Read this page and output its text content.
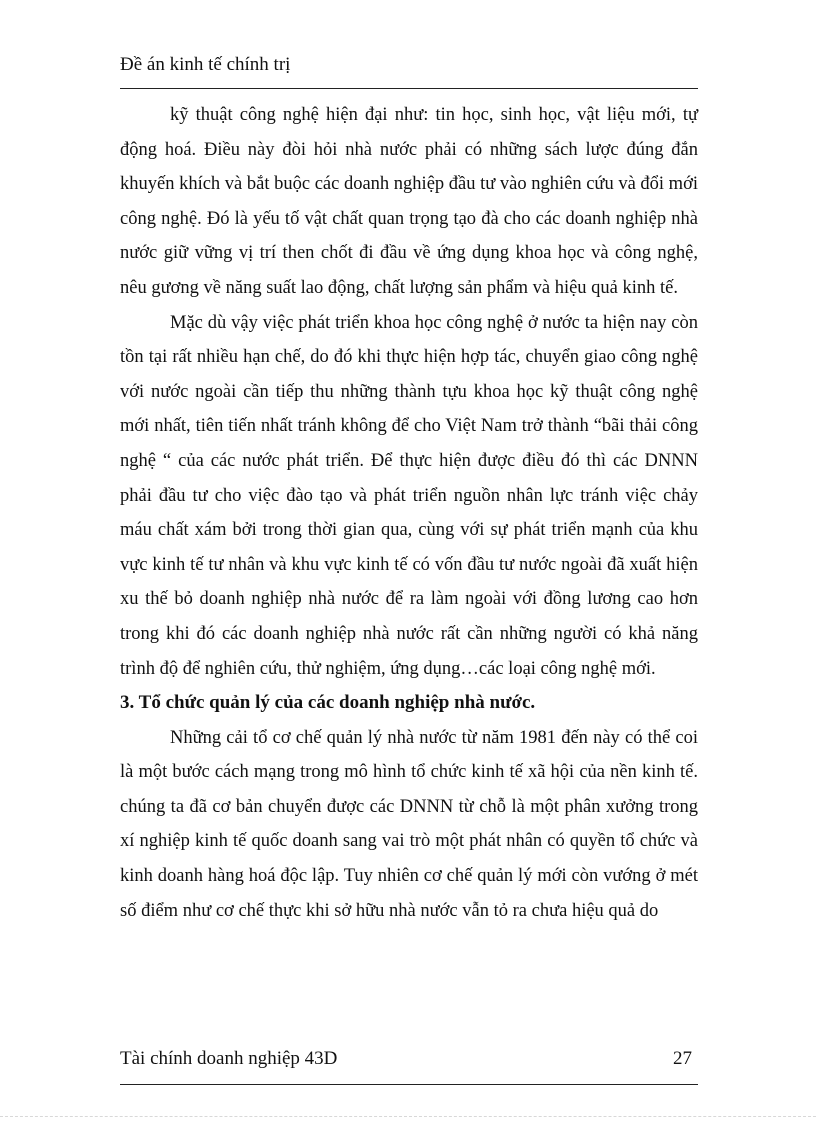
Đề án kinh tế chính trị

kỹ thuật công nghệ hiện đại như: tin học, sinh học, vật liệu mới, tự động hoá. Điều này đòi hỏi nhà nước phải có những sách lược đúng đắn khuyến khích và bắt buộc các doanh nghiệp đầu tư vào nghiên cứu và đổi mới công nghệ. Đó là yếu tố vật chất quan trọng tạo đà cho các doanh nghiệp nhà nước giữ vững vị trí then chốt đi đầu về ứng dụng khoa học và công nghệ, nêu gương về năng suất lao động, chất lượng sản phẩm và hiệu quả kinh tế.

Mặc dù vậy việc phát triển khoa học công nghệ ở nước ta hiện nay còn tồn tại rất nhiều hạn chế, do đó khi thực hiện hợp tác, chuyển giao công nghệ với nước ngoài cần tiếp thu những thành tựu khoa học kỹ thuật công nghệ mới nhất, tiên tiến nhất tránh không để cho Việt Nam trở thành “bãi thải công nghệ “ của các nước phát triển. Để thực hiện được điều đó thì các DNNN phải đầu tư cho việc đào tạo và phát triển nguồn nhân lực tránh việc chảy máu chất xám bởi trong thời gian qua, cùng với sự phát triển mạnh của khu vực kinh tế tư nhân và khu vực kinh tế có vốn đầu tư nước ngoài đã xuất hiện xu thế bỏ doanh nghiệp nhà nước để ra làm ngoài với đồng lương cao hơn trong khi đó các doanh nghiệp nhà nước rất cần những người có khả năng trình độ để nghiên cứu, thử nghiệm, ứng dụng…các loại công nghệ mới.

3. Tổ chức quản lý của các doanh nghiệp nhà nước.

Những cải tổ cơ chế quản lý nhà nước từ năm 1981 đến này có thể coi là một bước cách mạng trong mô hình tổ chức kinh tế xã hội của nền kinh tế. chúng ta đã cơ bản chuyển được các DNNN từ chỗ là một phân xưởng trong xí nghiệp kinh tế quốc doanh sang vai trò một phát nhân có quyền tổ chức và kinh doanh hàng hoá độc lập. Tuy nhiên cơ chế quản lý mới còn vướng ở mét số điểm như cơ chế thực khi sở hữu nhà nước vẫn tỏ ra chưa hiệu quả do

Tài chính doanh nghiệp 43D	27
